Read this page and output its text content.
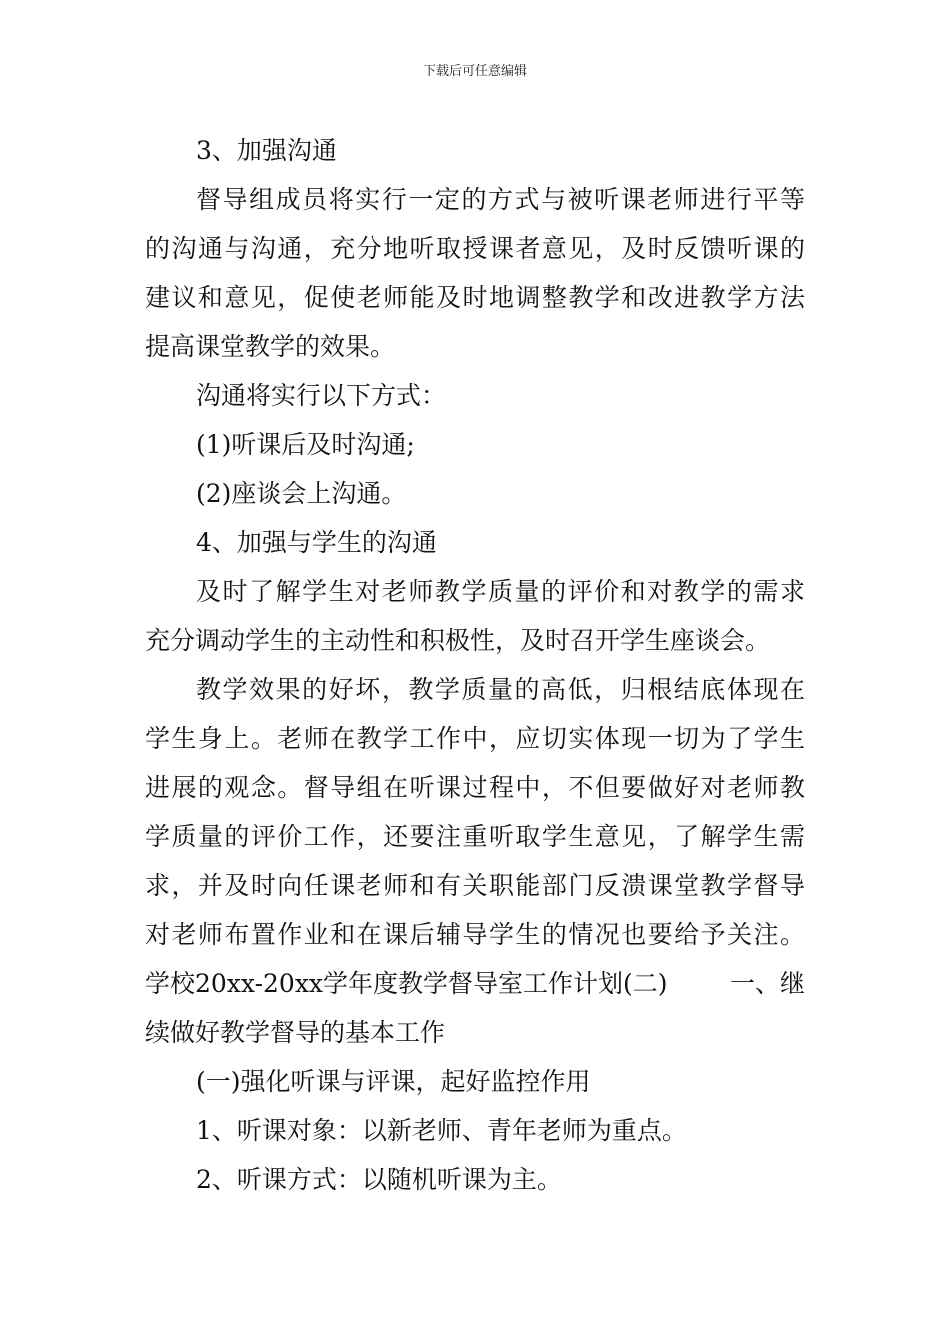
下载后可任意编辑
3、加强沟通
督导组成员将实行一定的方式与被听课老师进行平等
的沟通与沟通，充分地听取授课者意见，及时反馈听课的
建议和意见，促使老师能及时地调整教学和改进教学方法
提高课堂教学的效果。
沟通将实行以下方式：
(1)听课后及时沟通;
(2)座谈会上沟通。
4、加强与学生的沟通
及时了解学生对老师教学质量的评价和对教学的需求
充分调动学生的主动性和积极性，及时召开学生座谈会。
教学效果的好坏，教学质量的高低，归根结底体现在
学生身上。老师在教学工作中，应切实体现一切为了学生
进展的观念。督导组在听课过程中，不但要做好对老师教
学质量的评价工作，还要注重听取学生意见，了解学生需
求，并及时向任课老师和有关职能部门反溃课堂教学督导
对老师布置作业和在课后辅导学生的情况也要给予关注。
学校20xx-20xx学年度教学督导室工作计划(二) 一、继
续做好教学督导的基本工作
(一)强化听课与评课，起好监控作用
1、听课对象：以新老师、青年老师为重点。
2、听课方式：以随机听课为主。
